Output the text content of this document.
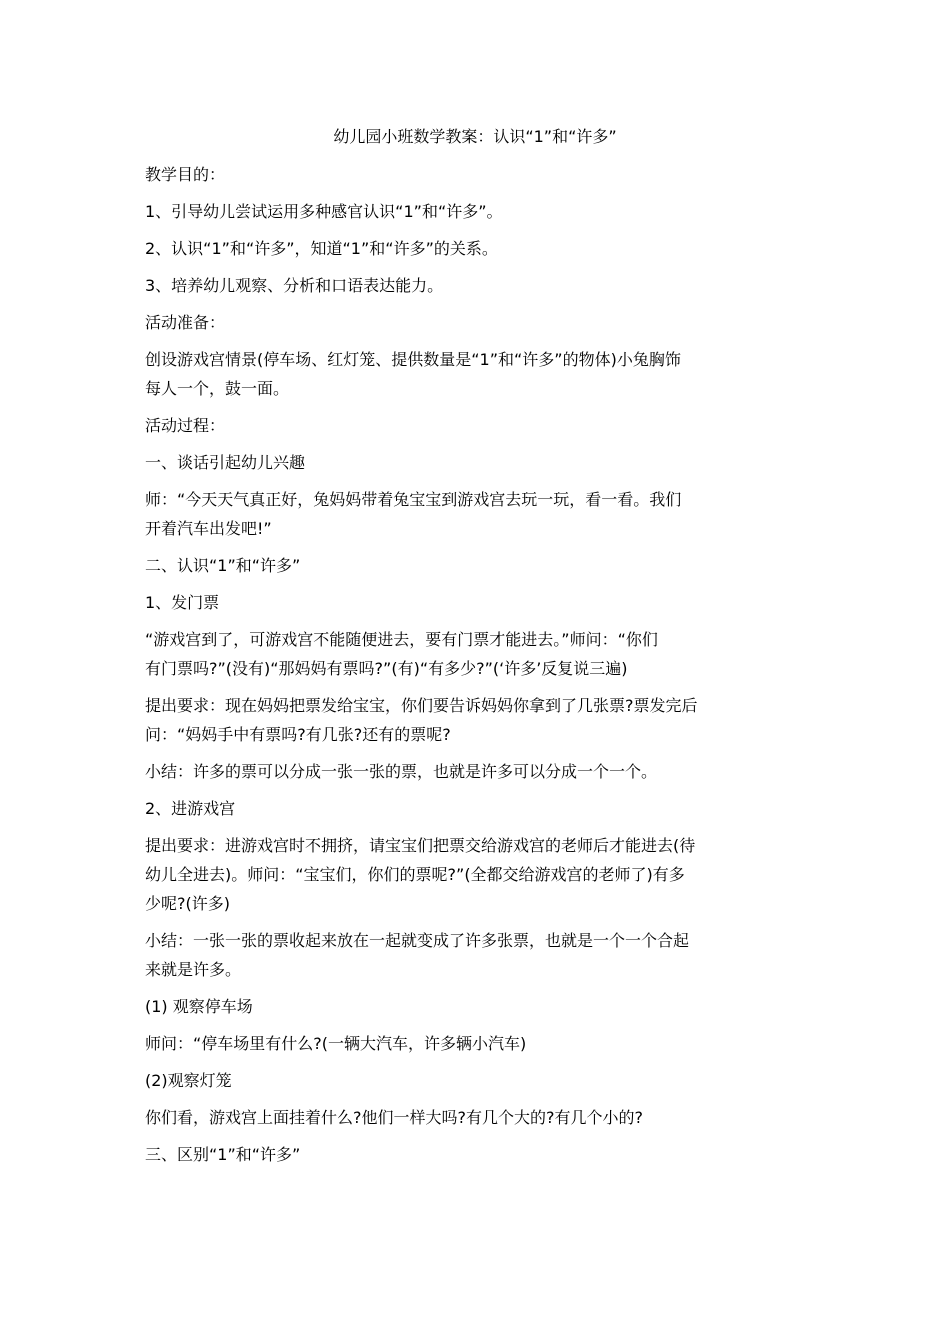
幼儿园小班数学教案：认识“1”和“许多”
教学目的：
1、引导幼儿尝试运用多种感官认识“1”和“许多”。
2、认识“1”和“许多”，知道“1”和“许多”的关系。
3、培养幼儿观察、分析和口语表达能力。
活动准备：
创设游戏宫情景(停车场、红灯笼、提供数量是“1”和“许多”的物体)小兔胸饰
每人一个，鼓一面。
活动过程：
一、谈话引起幼儿兴趣
师：“今天天气真正好，兔妈妈带着兔宝宝到游戏宫去玩一玩，看一看。我们
开着汽车出发吧!”
二、认识“1”和“许多”
1、发门票
“游戏宫到了，可游戏宫不能随便进去，要有门票才能进去。”师问：“你们
有门票吗?”(没有)“那妈妈有票吗?”(有)“有多少?”(‘许多’反复说三遍)
提出要求：现在妈妈把票发给宝宝，你们要告诉妈妈你拿到了几张票?票发完后
问：“妈妈手中有票吗?有几张?还有的票呢?
小结：许多的票可以分成一张一张的票，也就是许多可以分成一个一个。
2、进游戏宫
提出要求：进游戏宫时不拥挤，请宝宝们把票交给游戏宫的老师后才能进去(待
幼儿全进去)。师问：“宝宝们，你们的票呢?”(全都交给游戏宫的老师了)有多
少呢?(许多)
小结：一张一张的票收起来放在一起就变成了许多张票，也就是一个一个合起
来就是许多。
(1) 观察停车场
师问：“停车场里有什么?(一辆大汽车，许多辆小汽车)
(2)观察灯笼
你们看，游戏宫上面挂着什么?他们一样大吗?有几个大的?有几个小的?
三、区别“1”和“许多”
